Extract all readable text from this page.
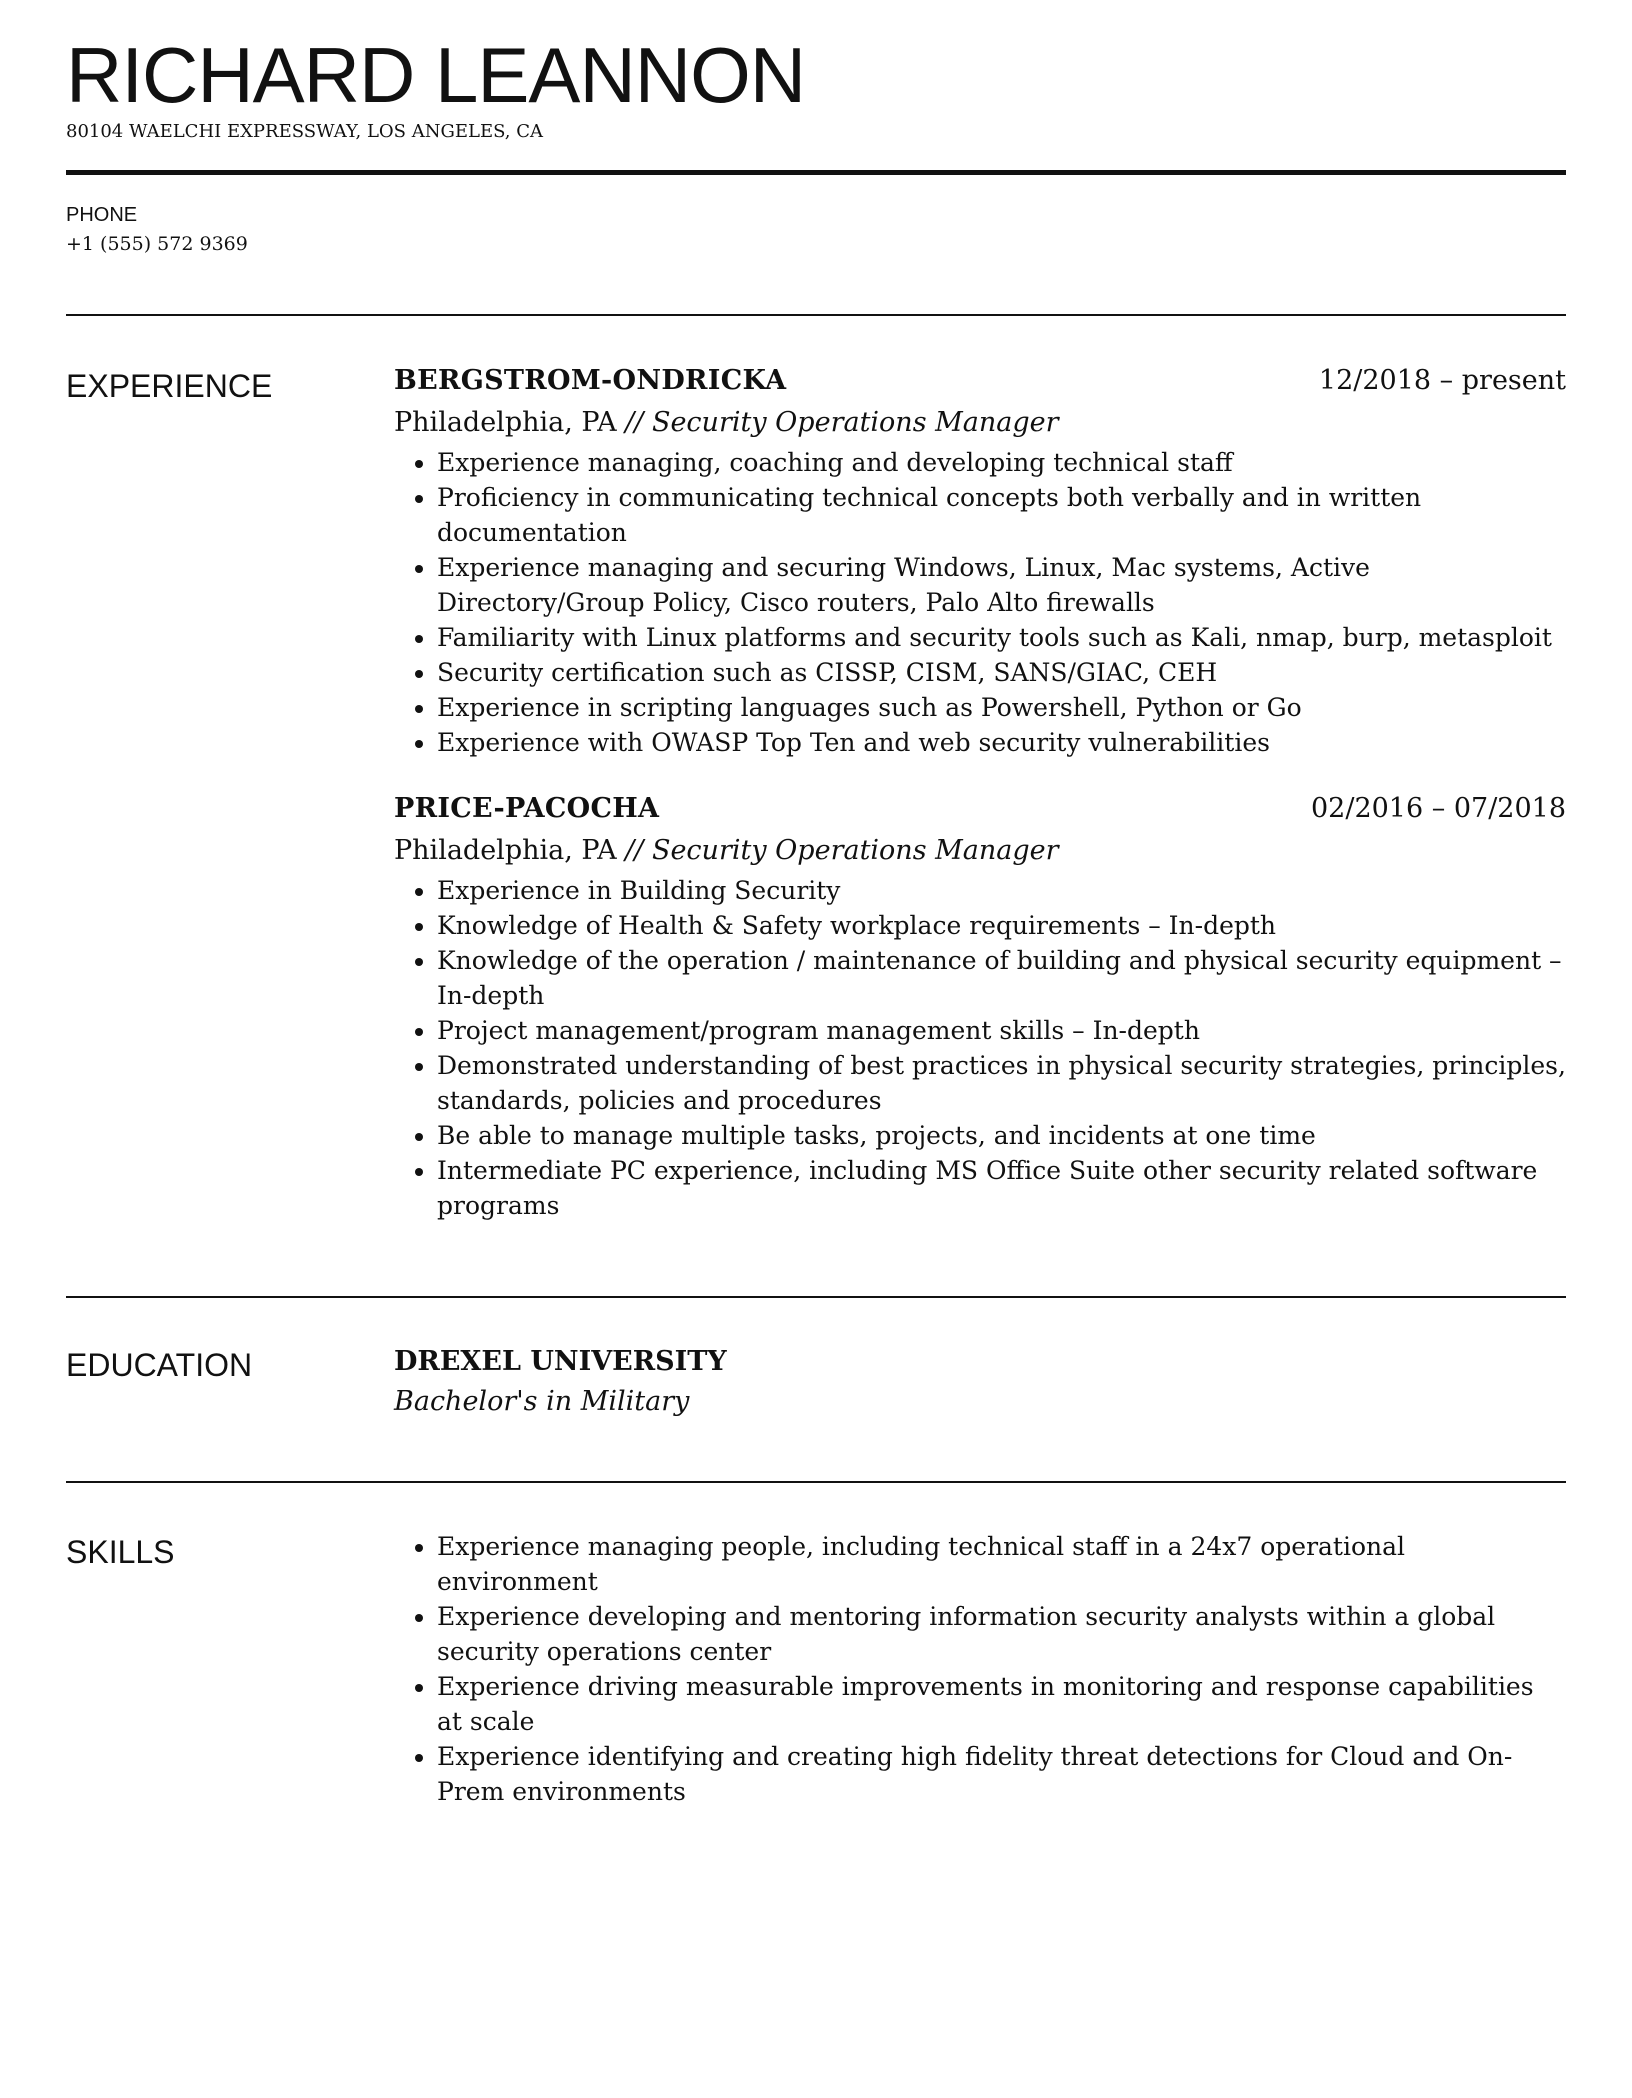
RICHARD LEANNON
80104 WAELCHI EXPRESSWAY, LOS ANGELES, CA
PHONE
+1 (555) 572 9369
EXPERIENCE	BERGSTROM-ONDRICKA	12/2018 – present
Philadelphia, PA // Security Operations Manager
• Experience managing, coaching and developing technical staff
• Proficiency in communicating technical concepts both verbally and in written documentation
• Experience managing and securing Windows, Linux, Mac systems, Active Directory/Group Policy, Cisco routers, Palo Alto firewalls
• Familiarity with Linux platforms and security tools such as Kali, nmap, burp, metasploit
• Security certification such as CISSP, CISM, SANS/GIAC, CEH
• Experience in scripting languages such as Powershell, Python or Go
• Experience with OWASP Top Ten and web security vulnerabilities
PRICE-PACOCHA	02/2016 – 07/2018
Philadelphia, PA // Security Operations Manager
• Experience in Building Security
• Knowledge of Health & Safety workplace requirements – In-depth
• Knowledge of the operation / maintenance of building and physical security equipment – In-depth
• Project management/program management skills – In-depth
• Demonstrated understanding of best practices in physical security strategies, principles, standards, policies and procedures
• Be able to manage multiple tasks, projects, and incidents at one time
• Intermediate PC experience, including MS Office Suite other security related software programs
EDUCATION	DREXEL UNIVERSITY
Bachelor's in Military
SKILLS
•	Experience managing people, including technical staff in a 24x7 operational environment
• Experience developing and mentoring information security analysts within a global security operations center
• Experience driving measurable improvements in monitoring and response capabilities at scale
• Experience identifying and creating high fidelity threat detections for Cloud and On-Prem environments
